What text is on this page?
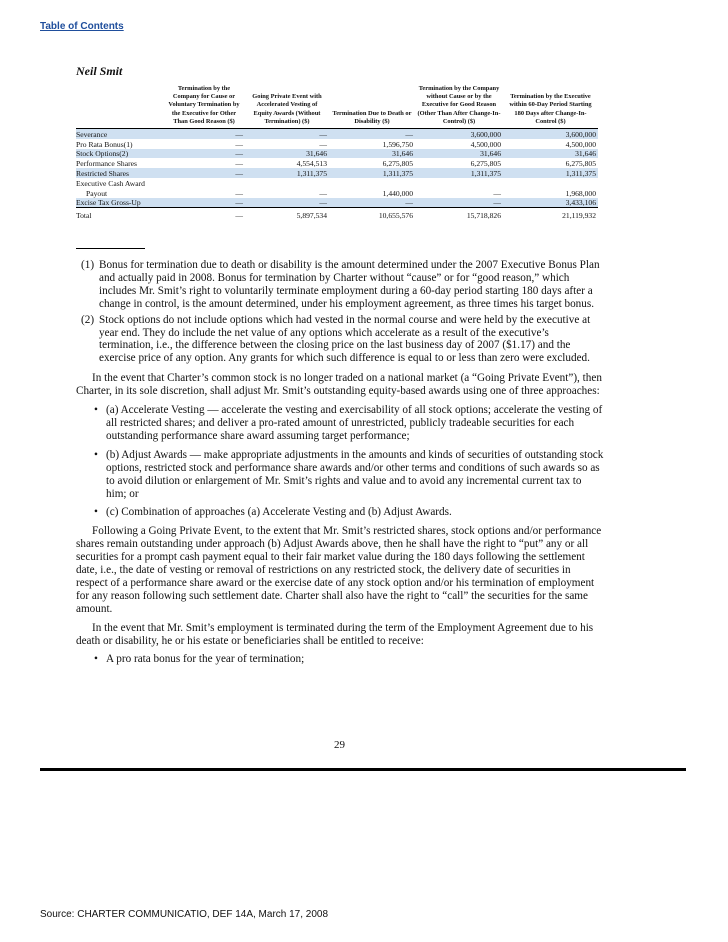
Table of Contents
Neil Smit
	Termination by the Company for Cause or Voluntary Termination by the Executive for Other Than Good Reason ($)	Going Private Event with Accelerated Vesting of Equity Awards (Without Termination) ($)	Termination Due to Death or Disability ($)	Termination by the Company without Cause or by the Executive for Good Reason (Other Than After Change-In-Control) ($)	Termination by the Executive within 60-Day Period Starting 180 Days after Change-In-Control ($)
Severance	—	—	—	3,600,000	3,600,000
Pro Rata Bonus(1)	—	—	1,596,750	4,500,000	4,500,000
Stock Options(2)	—	31,646	31,646	31,646	31,646
Performance Shares	—	4,554,513	6,275,805	6,275,805	6,275,805
Restricted Shares	—	1,311,375	1,311,375	1,311,375	1,311,375
Executive Cash Award					
Payout	—	—	1,440,000	—	1,968,000
Excise Tax Gross-Up	—	—	—	—	3,433,106
Total	—	5,897,534	10,655,576	15,718,826	21,119,932
(1) Bonus for termination due to death or disability is the amount determined under the 2007 Executive Bonus Plan and actually paid in 2008. Bonus for termination by Charter without “cause” or for “good reason,” which includes Mr. Smit’s right to voluntarily terminate employment during a 60-day period starting 180 days after a change in control, is the amount determined, under his employment agreement, as three times his target bonus.
(2) Stock options do not include options which had vested in the normal course and were held by the executive at year end. They do include the net value of any options which accelerate as a result of the executive’s termination, i.e., the difference between the closing price on the last business day of 2007 ($1.17) and the exercise price of any option. Any grants for which such difference is equal to or less than zero were excluded.

In the event that Charter’s common stock is no longer traded on a national market (a “Going Private Event”), then Charter, in its sole discretion, shall adjust Mr. Smit’s outstanding equity-based awards using one of three approaches:

• (a) Accelerate Vesting — accelerate the vesting and exercisability of all stock options; accelerate the vesting of all restricted shares; and deliver a pro-rated amount of unrestricted, publicly tradeable securities for each outstanding performance share award assuming target performance;
• (b) Adjust Awards — make appropriate adjustments in the amounts and kinds of securities of outstanding stock options, restricted stock and performance share awards and/or other terms and conditions of such awards so as to avoid dilution or enlargement of Mr. Smit’s rights and value and to avoid any incremental current tax to him; or
• (c) Combination of approaches (a) Accelerate Vesting and (b) Adjust Awards.

Following a Going Private Event, to the extent that Mr. Smit’s restricted shares, stock options and/or performance shares remain outstanding under approach (b) Adjust Awards above, then he shall have the right to “put” any or all securities for a prompt cash payment equal to their fair market value during the 180 days following the settlement date, i.e., the date of vesting or removal of restrictions on any restricted stock, the delivery date of securities in respect of a performance share award or the exercise date of any stock option and/or his termination of employment for any reason following such settlement date. Charter shall also have the right to “call” the securities for the same amount.

In the event that Mr. Smit’s employment is terminated during the term of the Employment Agreement due to his death or disability, he or his estate or beneficiaries shall be entitled to receive:

• A pro rata bonus for the year of termination;
29
Source: CHARTER COMMUNICATIO, DEF 14A, March 17, 2008
